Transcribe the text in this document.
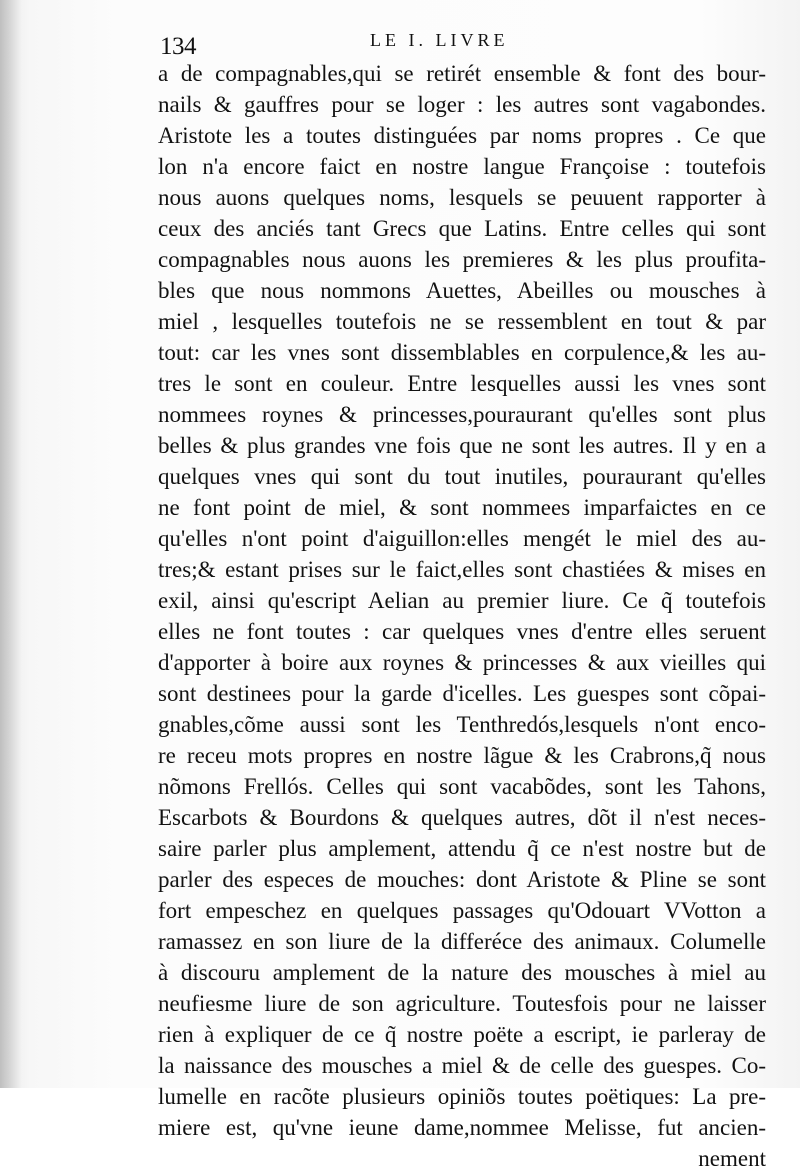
134	LE I. LIVRE
a de compagnables,qui se retirét ensemble & font des bour-
nails & gauffres pour se loger : les autres sont vagabondes.
Aristote les a toutes distinguées par noms propres . Ce que
lon n'a encore faict en nostre langue Françoise : toutefois
nous auons quelques noms, lesquels se peuuent rapporter à
ceux des anciés tant Grecs que Latins. Entre celles qui sont
compagnables nous auons les premieres & les plus proufita-
bles que nous nommons Auettes, Abeilles ou mousches à
miel , lesquelles toutefois ne se ressemblent en tout & par
tout: car les vnes sont dissemblables en corpulence,& les au-
tres le sont en couleur. Entre lesquelles aussi les vnes sont
nommees roynes & princesses,pouraurant qu'elles sont plus
belles & plus grandes vne fois que ne sont les autres. Il y en a
quelques vnes qui sont du tout inutiles, pouraurant qu'elles
ne font point de miel, & sont nommees imparfaictes en ce
qu'elles n'ont point d'aiguillon:elles mengét le miel des au-
tres;& estant prises sur le faict,elles sont chastiées & mises en
exil, ainsi qu'escript Aelian au premier liure. Ce q̃ toutefois
elles ne font toutes : car quelques vnes d'entre elles seruent
d'apporter à boire aux roynes & princesses & aux vieilles qui
sont destinees pour la garde d'icelles. Les guespes sont cõpai-
gnables,cõme aussi sont les Tenthredós,lesquels n'ont enco-
re receu mots propres en nostre lãgue & les Crabrons,q̃ nous
nõmons Frellós. Celles qui sont vacabõdes, sont les Tahons,
Escarbots & Bourdons & quelques autres, dõt il n'est neces-
saire parler plus amplement, attendu q̃ ce n'est nostre but de
parler des especes de mouches: dont Aristote & Pline se sont
fort empeschez en quelques passages qu'Odouart VVotton a
ramassez en son liure de la differéce des animaux. Columelle
à discouru amplement de la nature des mousches à miel au
neufiesme liure de son agriculture. Toutesfois pour ne laisser
rien à expliquer de ce q̃ nostre poëte a escript, ie parleray de
la naissance des mousches a miel & de celle des guespes. Co-
lumelle en racõte plusieurs opiniõs toutes poëtiques: La pre-
miere est, qu'vne ieune dame,nommee Melisse, fut ancien-
nement
